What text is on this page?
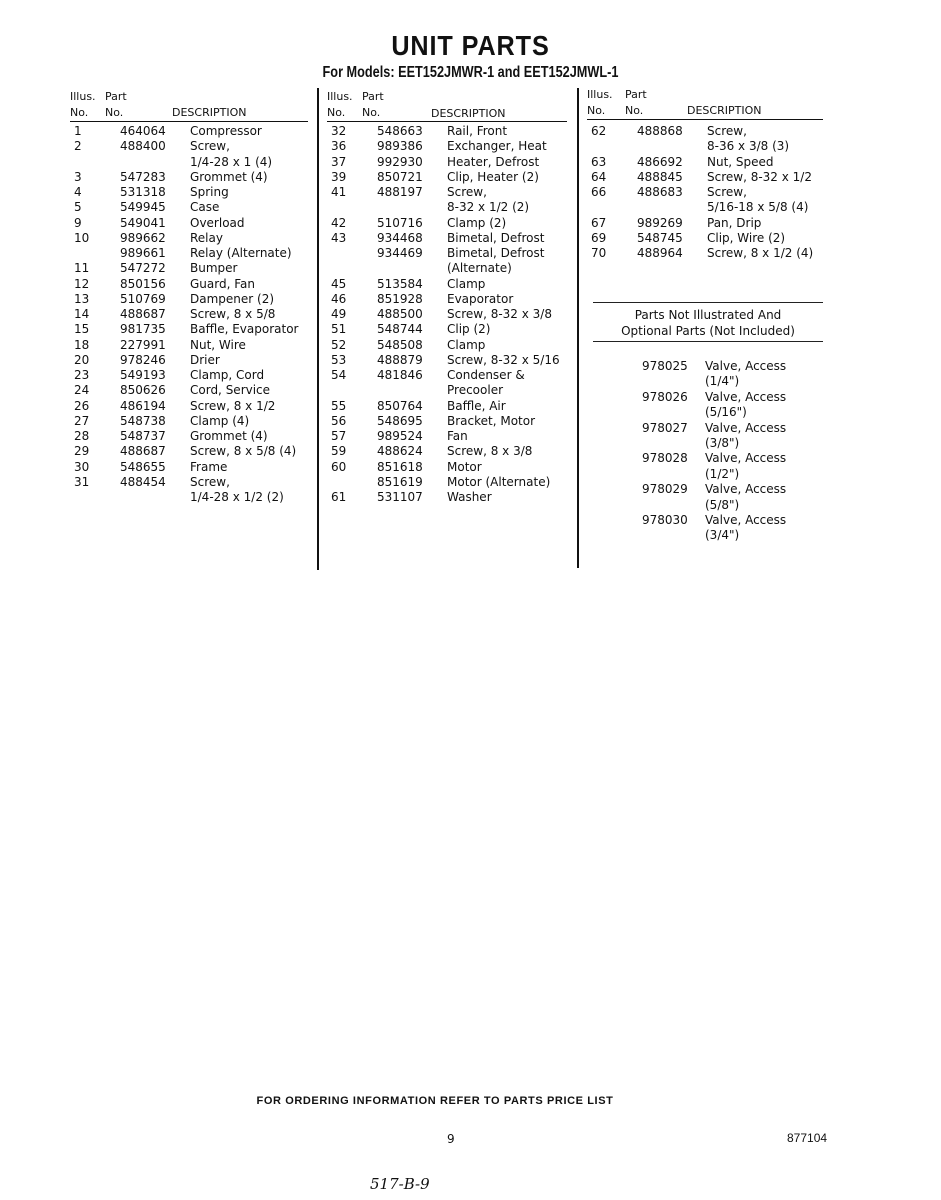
UNIT PARTS
For Models: EET152JMWR-1 and EET152JMWL-1
Illus. Part
No. No.	DESCRIPTION
1	464064 Compressor
2	488400 Screw,
1/4-28 x 1 (4)
3	547283 Grommet (4)
4	531318 Spring
5	549945 Case
9	549041 Overload
10	989662 Relay
989661 Relay (Alternate)
11	547272 Bumper
12	850156 Guard, Fan
13	510769 Dampener (2)
14	488687 Screw, 8 x 5/8
15	981735 Baffle, Evaporator
18	227991 Nut, Wire
20	978246 Drier
23	549193 Clamp, Cord
24	850626 Cord, Service
26	486194 Screw, 8 x 1/2
27	548738 Clamp (4)
28	548737 Grommet (4)
29	488687 Screw, 8 x 5/8 (4)
30	548655 Frame
31	488454 Screw,
1/4-28 x 1/2 (2)
Illus. Part
No. No.	DESCRIPTION
32	548663 Rail, Front
36	989386 Exchanger, Heat
37	992930 Heater, Defrost
39	850721 Clip, Heater (2)
41	488197 Screw,
8-32 x 1/2 (2)
42	510716 Clamp (2)
43	934468 Bimetal, Defrost
934469 Bimetal, Defrost
(Alternate)
45	513584 Clamp
46	851928 Evaporator
49	488500 Screw, 8-32 x 3/8
51	548744 Clip (2)
52	548508 Clamp
53	488879 Screw, 8-32 x 5/16
54	481846 Condenser &
Precooler
55	850764 Baffle, Air
56	548695 Bracket, Motor
57	989524 Fan
59	488624 Screw, 8 x 3/8
60	851618 Motor
851619 Motor (Alternate)
61	531107 Washer
Illus. Part
No. No.	DESCRIPTION
62	488868 Screw,
8-36 x 3/8 (3)
63	486692 Nut, Speed
64	488845 Screw, 8-32 x 1/2
66	488683 Screw,
5/16-18 x 5/8 (4)
67	989269 Pan, Drip
69	548745 Clip, Wire (2)
70	488964 Screw, 8 x 1/2 (4)
Parts Not Illustrated And
Optional Parts (Not Included)
978025 Valve, Access
(1/4")
978026 Valve, Access
(5/16")
978027 Valve, Access
(3/8")
978028 Valve, Access
(1/2")
978029 Valve, Access
(5/8")
978030 Valve, Access
(3/4")
FOR ORDERING INFORMATION REFER TO PARTS PRICE LIST
9	877104
517-B-9
